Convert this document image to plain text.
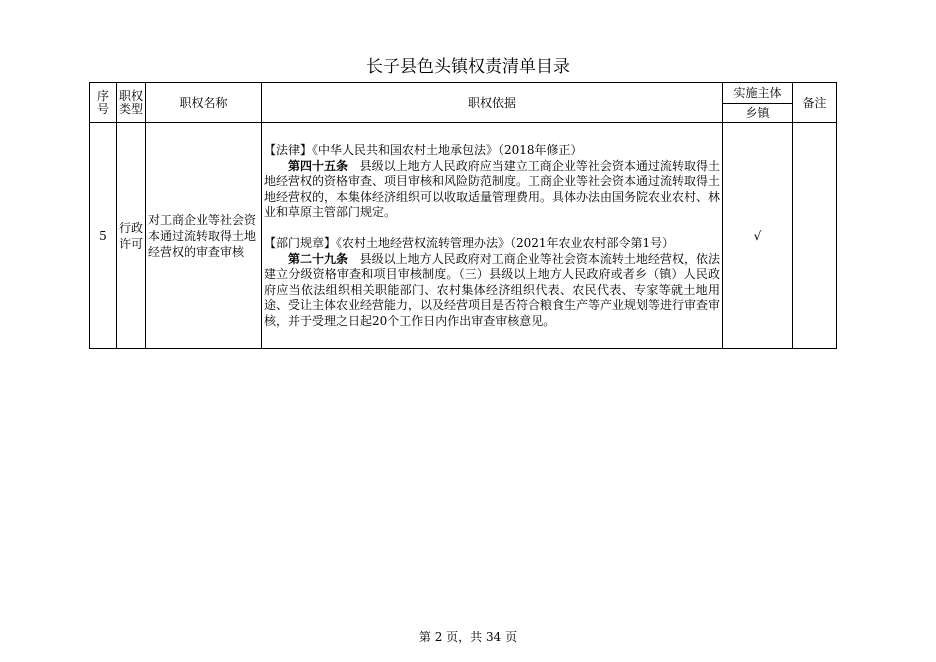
长子县色头镇权责清单目录
序号	职权类型	职权名称	职权依据	实施主体	备注
				乡镇	
5	行政许可	对工商企业等社会资本通过流转取得土地经营权的审查审核	【法律】《中华人民共和国农村土地承包法》（2018年修正）

第四十五条 县级以上地方人民政府应当建立工商企业等社会资本通过流转取得土地经营权的资格审查、项目审核和风险防范制度。工商企业等社会资本通过流转取得土地经营权的，本集体经济组织可以收取适量管理费用。具体办法由国务院农业农村、林业和草原主管部门规定。

【部门规章】《农村土地经营权流转管理办法》（2021年农业农村部令第1号）

第二十九条 县级以上地方人民政府对工商企业等社会资本流转土地经营权，依法建立分级资格审查和项目审核制度。（三）县级以上地方人民政府或者乡（镇）人民政府应当依法组织相关职能部门、农村集体经济组织代表、农民代表、专家等就土地用途、受让主体农业经营能力，以及经营项目是否符合粮食生产等产业规划等进行审查审核，并于受理之日起20个工作日内作出审查审核意见。	√	
第 2 页，共 34 页
